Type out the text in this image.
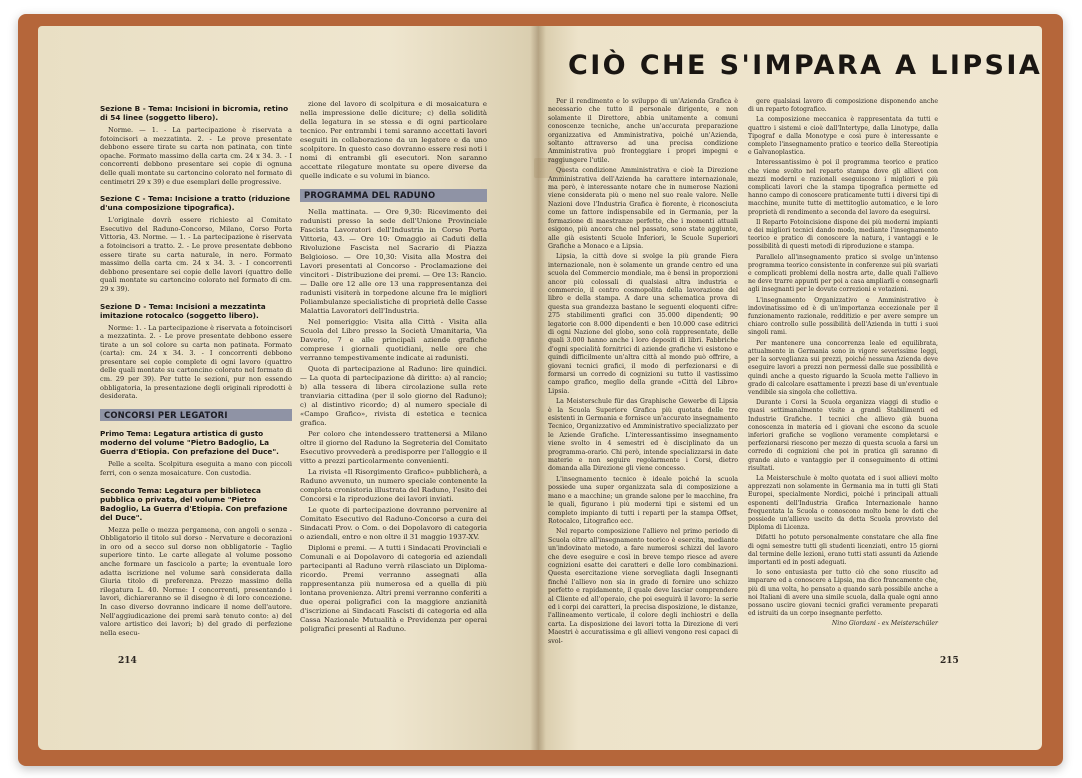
Sezione B - Tema: Incisioni in bicromia, retino di 54 linee (soggetto libero).

Norme. — 1. - La partecipazione è riservata a fotoincisori a mezzatinta. 2. - Le prove presentate debbono essere tirate su carta non patinata, con tinte opache. Formato massimo della carta cm. 24 x 34. 3. - I concorrenti debbono presentare sei copie di ognuna delle quali montate su cartoncino colorato nel formato di centimetri 29 x 39) e due esemplari delle progressive.

Sezione C - Tema: Incisione a tratto (riduzione d'una composizione tipografica).

L'originale dovrà essere richiesto al Comitato Esecutivo del Raduno-Concorso, Milano, Corso Porta Vittoria, 43. Norme. — 1. - La partecipazione è riservata a fotoincisori a tratto. 2. - Le prove presentate debbono essere tirate su carta naturale, in nero. Formato massimo della carta cm. 24 x 34. 3. - I concorrenti debbono presentare sei copie delle lavori (quattro delle quali montate su cartoncino colorato nel formato di cm. 29 x 39).

Sezione D - Tema: Incisioni a mezzatinta imitazione rotocalco (soggetto libero).

Norme: 1. - La partecipazione è riservata a fotoincisori a mezzatinta. 2. - Le prove presentate debbono essere tirate a un sol colore su carta non patinata. Formato (carta): cm. 24 x 34. 3. - I concorrenti debbono presentare sei copie complete di ogni lavoro (quattro delle quali montate su cartoncino colorato nel formato di cm. 29 per 39). Per tutte le sezioni, pur non essendo obbligatoria, la presentazione degli originali riprodotti è desiderata.

CONCORSI PER LEGATORI
Primo Tema: Legatura artistica di gusto moderno del volume "Pietro Badoglio, La Guerra d'Etiopia. Con prefazione del Duce".

Pelle a scelta. Scolpitura eseguita a mano con piccoli ferri, con o senza mosaicature. Con custodia.

Secondo Tema: Legatura per biblioteca pubblica o privata, del volume "Pietro Badoglio, La Guerra d'Etiopia. Con prefazione del Duce".

Mezza pelle o mezza pergamena, con angoli o senza - Obbligatorio il titolo sul dorso - Nervature e decorazioni in oro od a secco sul dorso non obbligatorie - Taglio superiore tinto. Le carte allegate al volume possono anche formare un fascicolo a parte; la eventuale loro adatta iscrizione nel volume sarà considerata dalla Giuria titolo di preferenza. Prezzo massimo della rilegatura L. 40. Norme: I concorrenti, presentando i lavori, dichiareranno se il disegno è di loro concezione. In caso diverso dovranno indicare il nome dell'autore. Nell'aggiudicazione dei premi sarà tenuto conto: a) del valore artistico dei lavori; b) del grado di perfezione nella esecu-

zione del lavoro di scolpitura e di mosaicatura e nella impressione delle diciture; c) della solidità della legatura in se stessa e di ogni particolare tecnico. Per entrambi i temi saranno accettati lavori eseguiti in collaborazione da un legatore e da uno scolpitore. In questo caso dovranno essere resi noti i nomi di entrambi gli esecutori. Non saranno accettate rilegature montate su opere diverse da quelle indicate e su volumi in bianco.

PROGRAMMA DEL RADUNO

Nella mattinata. — Ore 9,30: Ricevimento dei radunisti presso la sede dell'Unione Provinciale Fascista Lavoratori dell'Industria in Corso Porta Vittoria, 43. — Ore 10: Omaggio ai Caduti della Rivoluzione Fascista nel Sacrario di Piazza Belgioioso. — Ore 10,30: Visita alla Mostra dei Lavori presentati al Concorso - Proclamazione dei vincitori - Distribuzione dei premi. — Ore 13: Rancio. — Dalle ore 12 alle ore 13 una rappresentanza dei radunisti visiterà in torpedone alcune fra le migliori Poliambulanze specialistiche di proprietà delle Casse Malattia Lavoratori dell'Industria.

Nel pomeriggio: Visita alla Città - Visita alla Scuola del Libro presso la Società Umanitaria, Via Daverio, 7 e alle principali aziende grafiche comprese i giornali quotidiani, nelle ore che verranno tempestivamente indicate ai radunisti.

Quota di partecipazione al Raduno: lire quindici. — La quota di partecipazione dà diritto: a) al rancio; b) alla tessera di libera circolazione sulla rete tranviaria cittadina (per il solo giorno del Raduno); c) al distintivo ricordo; d) al numero speciale di «Campo Grafico», rivista di estetica e tecnica grafica.

Per coloro che intendessero trattenersi a Milano oltre il giorno del Raduno la Segreteria del Comitato Esecutivo provvederà a predisporre per l'alloggio e il vitto a prezzi particolarmente convenienti.

La rivista «Il Risorgimento Grafico» pubblicherà, a Raduno avvenuto, un numero speciale contenente la completa cronistoria illustrata del Raduno, l'esito dei Concorsi e la riproduzione dei lavori inviati.

Le quote di partecipazione dovranno pervenire al Comitato Esecutivo del Raduno-Concorso a cura dei Sindacati Prov. o Com. o dei Dopolavoro di categoria o aziendali, entro e non oltre il 31 maggio 1937-XV.

Diplomi e premi. — A tutti i Sindacati Provinciali e Comunali e ai Dopolavoro di categoria ed aziendali partecipanti al Raduno verrà rilasciato un Diploma-ricordo. Premi verranno assegnati alla rappresentanza più numerosa ed a quella di più lontana provenienza. Altri premi verranno conferiti a due operai poligrafici con la maggiore anzianità d'iscrizione ai Sindacati Fascisti di categoria ed alla Cassa Nazionale Mutualità e Previdenza per operai poligrafici presenti al Raduno.

CIÒ CHE S'IMPARA A LIPSIA

Per il rendimento e lo sviluppo di un'Azienda Grafica è necessario che tutto il personale dirigente, e non solamente il Direttore, abbia unitamente a comuni conoscenze tecniche, anche un'accurata preparazione organizzativa ed Amministrativa, poiché un'Azienda, soltanto attraverso ad una precisa condizione Amministrativa può fronteggiare i propri impegni e raggiungere l'utile.

Questa condizione Amministrativa e cioè la Direzione Amministrativa dell'Azienda ha carattere internazionale, ma però, è interessante notare che in numerose Nazioni viene considerata più o meno nel suo reale valore. Nelle Nazioni dove l'Industria Grafica è fiorente, è riconosciuta come un fattore indispensabile ed in Germania, per la formazione di maestranze perfette, che i momenti attuali esigono, più ancora che nel passato, sono state aggiunte, alle già esistenti Scuole Inferiori, le Scuole Superiori Grafiche a Monaco e a Lipsia.

Lipsia, la città dove si svolge la più grande Fiera internazionale, non è solamente un grande centro ed una scuola del Commercio mondiale, ma è bensì in proporzioni ancor più colossali di qualsiasi altra industria e commercio, il centro cosmopolita della lavorazione del libro e della stampa. A dare una schematica prova di questa sua grandezza bastano le seguenti eloquenti cifre: 275 stabilimenti grafici con 35.000 dipendenti; 90 legatorie con 8.000 dipendenti e ben 10.000 case editrici di ogni Nazione del globo, sono colà rappresentate, delle quali 3.000 hanno anche i loro depositi di libri. Fabbriche d'ogni specialità fornitrici di aziende grafiche vi esistono e quindi difficilmente un'altra città al mondo può offrire, a giovani tecnici grafici, il modo di perfezionarsi e di formarsi un corredo di cognizioni su tutto il vastissimo campo grafico, meglio della grande «Città del Libro» Lipsia.

La Meisterschule für das Graphische Gewerbe di Lipsia è la Scuola Superiore Grafica più quotata delle tre esistenti in Germania e fornisce un'accurato insegnamento Tecnico, Organizzativo ed Amministrativo specializzato per le Aziende Grafiche. L'interessantissimo insegnamento viene svolto in 4 semestri ed è disciplinato da un programma-orario. Chi però, intende specializzarsi in date materie e non seguire regolarmente i Corsi, dietro domanda alla Direzione gli viene concesso.

L'insegnamento tecnico è ideale poiché la scuola possiede una super organizzata sala di composizione a mano e a macchine; un grande salone per le macchine, fra le quali, figurano i più moderni tipi e sistemi ed un completo impianto di tutti i reparti per la stampa Offset, Rotocalco, Litografico ecc.

Nel reparto composizione l'allievo nel primo periodo di Scuola oltre all'insegnamento teorico è esercita, mediante un'indovinato metodo, a fare numerosi schizzi del lavoro che deve eseguire e così in breve tempo riesce ad avere cognizioni esatte dei caratteri e delle loro combinazioni. Questa esercitazione viene sorvegliata dagli Insegnanti finché l'allievo non sia in grado di fornire uno schizzo perfetto e rapidamente, il quale deve lasciar comprendere al Cliente ed all'operaio, che poi eseguirà il lavoro: la serie ed i corpi dei caratteri, la precisa disposizione, le distanze, l'allineamento verticale, il colore degli inchiostri e della carta. La disposizione dei lavori totta la Direzione di veri Maestri è accuratissima e gli allievi vengono resi capaci di svol-

gere qualsiasi lavoro di composizione disponendo anche di un reparto fotografico.

La composizione meccanica è rappresentata da tutti e quattro i sistemi e cioè dall'Intertype, dalla Linotype, dalla Tipograf e dalla Monotype e così pure è interessante e completo l'insegnamento pratico e teorico della Stereotipia e Galvanoplastica.

Interessantissimo è poi il programma teorico e pratico che viene svolto nel reparto stampa dove gli allievi con mezzi moderni e razionali eseguiscono i migliori e più complicati lavori che la stampa tipografica permette ed hanno campo di conoscere praticamente tutti i diversi tipi di macchine, munite tutte di mettitoglio automatico, e le loro proprietà di rendimento a seconda del lavoro da eseguirsi.

Il Reparto Fotoincisione dispone dei più moderni impianti e dei migliori tecnici dando modo, mediante l'insegnamento teorico e pratico di conoscere la natura, i vantaggi e le possibilità di questi metodi di riproduzione e stampa.

Parallelo all'insegnamento pratico si svolge un'intenso programma teorico consistente in conferenze sui più svariati e complicati problemi della nostra arte, dalle quali l'allievo ne deve trarre appunti per poi a casa ampliarli e consegnarli agli insegnanti per le dovute correzioni e votazioni.

L'insegnamento Organizzativo e Amministrativo è indovinatissimo ed è di un'importanza eccezionale per il funzionamento razionale, redditizio e per avere sempre un chiaro controllo sulle possibilità dell'Azienda in tutti i suoi singoli rami.

Per mantenere una concorrenza leale ed equilibrata, attualmente in Germania sono in vigore severissime leggi, per la sorveglianza sui prezzi, poiché nessuna Azienda deve eseguire lavori a prezzi non permessi dalle sue possibilità e quindi anche a questo riguardo la Scuola mette l'allievo in grado di calcolare esattamente i prezzi base di un'eventuale vendibile sia singola che collettiva.

Durante i Corsi la Scuola organizza viaggi di studio e quasi settimanalmente visite a grandi Stabilimenti ed Industrie Grafiche. I tecnici che allievo già buona conoscenza in materia ed i giovani che escono da scuole inferiori grafiche se vogliono veramente completarsi e perfezionarsi riescono per mezzo di questa scuola a farsi un corredo di cognizioni che poi in pratica gli saranno di grande aiuto e vantaggio per il conseguimento di ottimi risultati.

La Meisterschule è molto quotata ed i suoi allievi molto apprezzati non solamente in Germania ma in tutti gli Stati Europei, specialmente Nordici, poiché i principali attuali esponenti dell'Industria Grafica Internazionale hanno frequentata la Scuola o conoscono molto bene le doti che possiede un'allievo uscito da detta Scuola provvisto del Diploma di Licenza.

Difatti ho potuto personalmente constatare che alla fine di ogni semestre tutti gli studenti licenziati, entro 15 giorni dal termine delle lezioni, erano tutti stati assunti da Aziende importanti ed in posti adeguati.

Io sono entusiasta per tutto ciò che sono riuscito ad imparare ed a conoscere a Lipsia, ma dico francamente che, più di una volta, ho pensato a quando sarà possibile anche a noi Italiani di avere una simile scuola, dalla quale ogni anno possano uscire giovani tecnici grafici veramente preparati ed istruiti da un corpo insegnante perfetto.

Nino Giordani - ex Meisterschüler

214	215
